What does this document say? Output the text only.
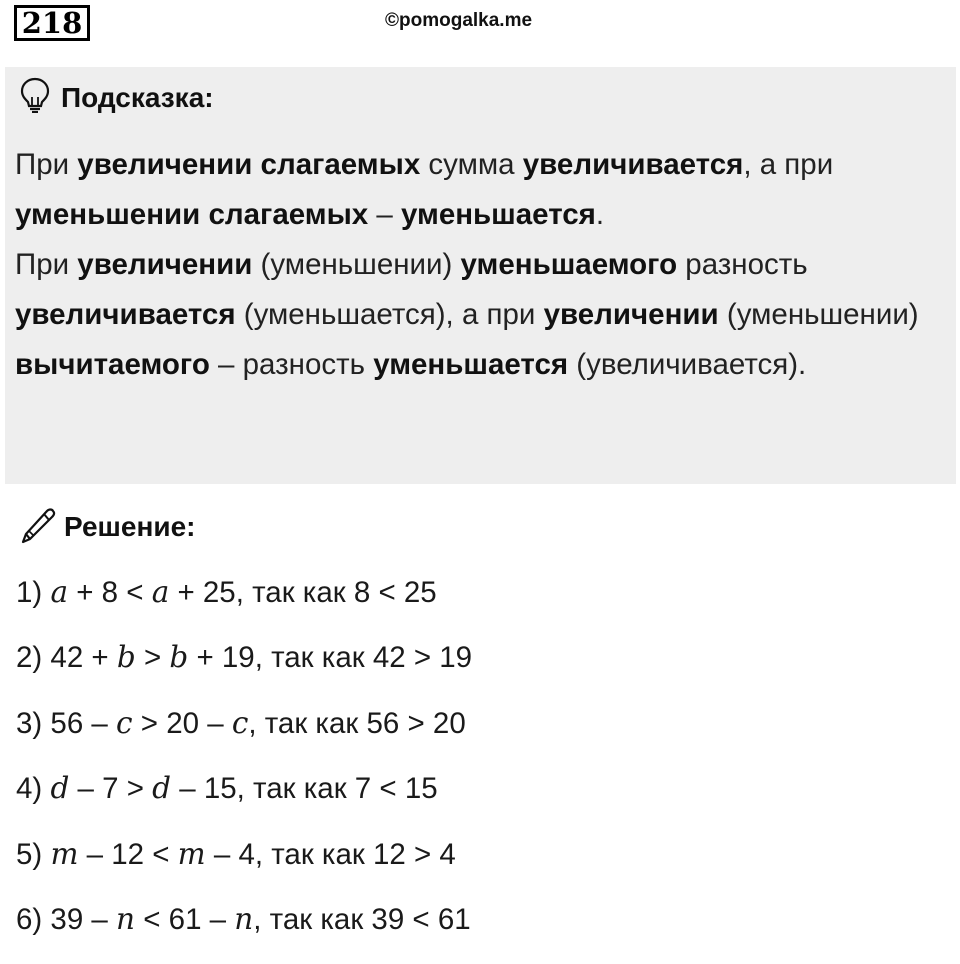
218	©pomogalka.me
Подсказка:
При увеличении слагаемых сумма увеличивается, а при уменьшении слагаемых – уменьшается.
При увеличении (уменьшении) уменьшаемого разность увеличивается (уменьшается), а при увеличении (уменьшении) вычитаемого – разность уменьшается (увеличивается).
Решение:
1) a + 8 < a + 25, так как 8 < 25
2) 42 + b > b + 19, так как 42 > 19
3) 56 – c > 20 – c, так как 56 > 20
4) d – 7 > d – 15, так как 7 < 15
5) m – 12 < m – 4, так как 12 > 4
6) 39 – n < 61 – n, так как 39 < 61
